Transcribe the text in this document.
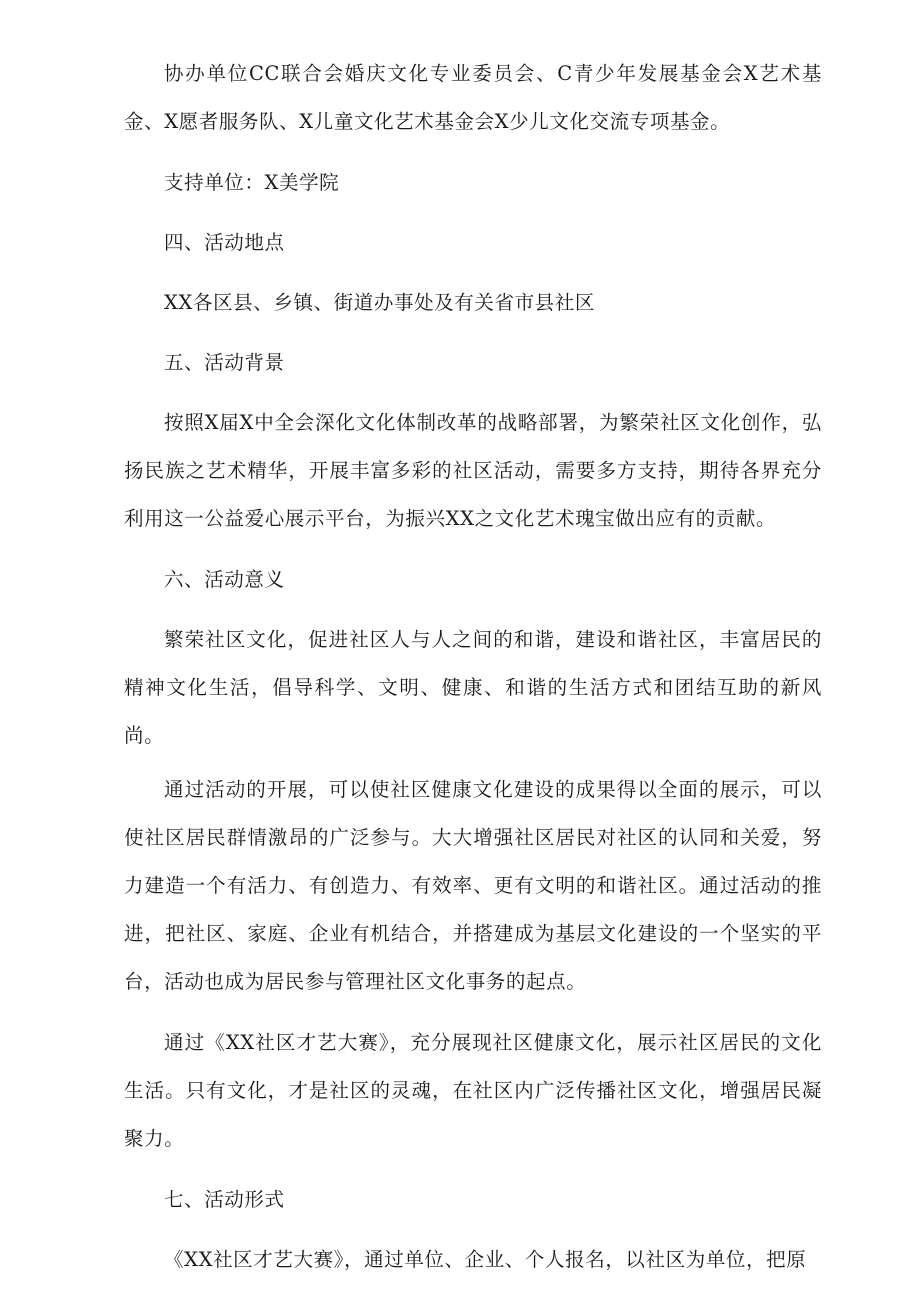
协办单位CC联合会婚庆文化专业委员会、C青少年发展基金会X艺术基金、X愿者服务队、X儿童文化艺术基金会X少儿文化交流专项基金。

支持单位：X美学院

四、活动地点

XX各区县、乡镇、街道办事处及有关省市县社区

五、活动背景

按照X届X中全会深化文化体制改革的战略部署，为繁荣社区文化创作，弘扬民族之艺术精华，开展丰富多彩的社区活动，需要多方支持，期待各界充分利用这一公益爱心展示平台，为振兴XX之文化艺术瑰宝做出应有的贡献。

六、活动意义

繁荣社区文化，促进社区人与人之间的和谐，建设和谐社区，丰富居民的精神文化生活，倡导科学、文明、健康、和谐的生活方式和团结互助的新风尚。

通过活动的开展，可以使社区健康文化建设的成果得以全面的展示，可以使社区居民群情激昂的广泛参与。大大增强社区居民对社区的认同和关爱，努力建造一个有活力、有创造力、有效率、更有文明的和谐社区。通过活动的推进，把社区、家庭、企业有机结合，并搭建成为基层文化建设的一个坚实的平台，活动也成为居民参与管理社区文化事务的起点。

通过《XX社区才艺大赛》，充分展现社区健康文化，展示社区居民的文化生活。只有文化，才是社区的灵魂，在社区内广泛传播社区文化，增强居民凝聚力。

七、活动形式

《XX社区才艺大赛》，通过单位、企业、个人报名，以社区为单位，把原
